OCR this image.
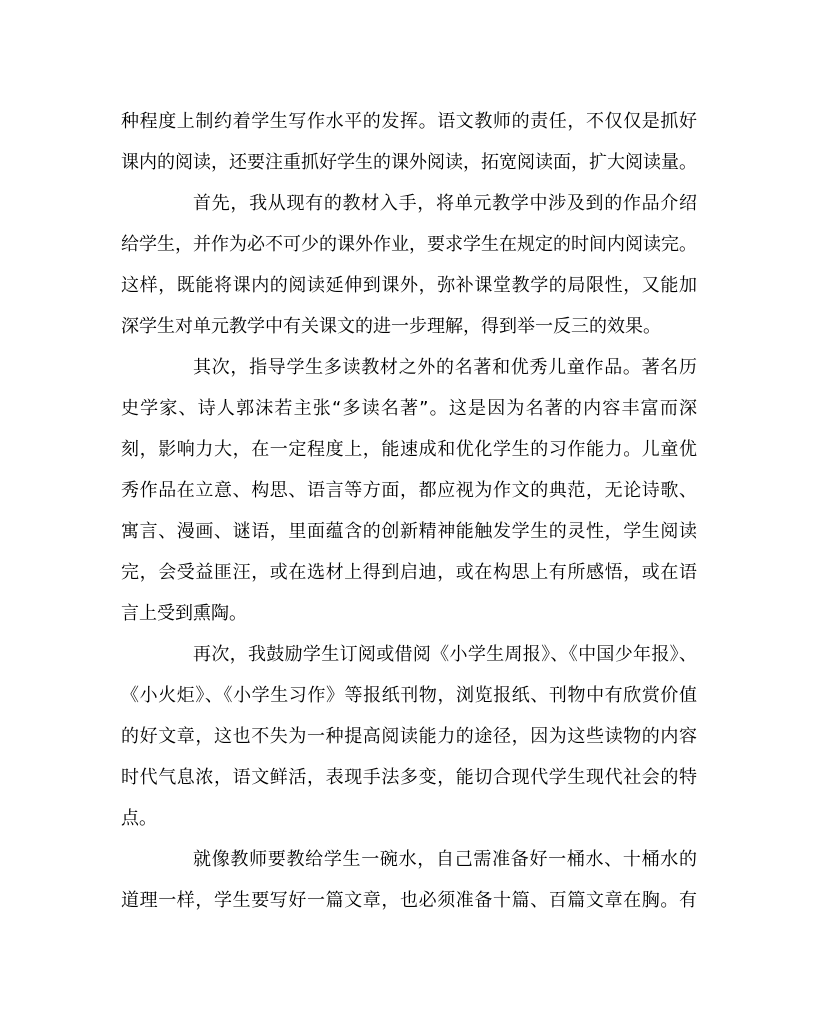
种程度上制约着学生写作水平的发挥。语文教师的责任，不仅仅是抓好
课内的阅读，还要注重抓好学生的课外阅读，拓宽阅读面，扩大阅读量。
首先，我从现有的教材入手，将单元教学中涉及到的作品介绍
给学生，并作为必不可少的课外作业，要求学生在规定的时间内阅读完。
这样，既能将课内的阅读延伸到课外，弥补课堂教学的局限性，又能加
深学生对单元教学中有关课文的进一步理解，得到举一反三的效果。
其次，指导学生多读教材之外的名著和优秀儿童作品。著名历
史学家、诗人郭沫若主张“多读名著”。这是因为名著的内容丰富而深
刻，影响力大，在一定程度上，能速成和优化学生的习作能力。儿童优
秀作品在立意、构思、语言等方面，都应视为作文的典范，无论诗歌、
寓言、漫画、谜语，里面蕴含的创新精神能触发学生的灵性，学生阅读
完，会受益匪汪，或在选材上得到启迪，或在构思上有所感悟，或在语
言上受到熏陶。
再次，我鼓励学生订阅或借阅《小学生周报》、《中国少年报》、
《小火炬》、《小学生习作》等报纸刊物，浏览报纸、刊物中有欣赏价值
的好文章，这也不失为一种提高阅读能力的途径，因为这些读物的内容
时代气息浓，语文鲜活，表现手法多变，能切合现代学生现代社会的特
点。
就像教师要教给学生一碗水，自己需准备好一桶水、十桶水的
道理一样，学生要写好一篇文章，也必须准备十篇、百篇文章在胸。有
